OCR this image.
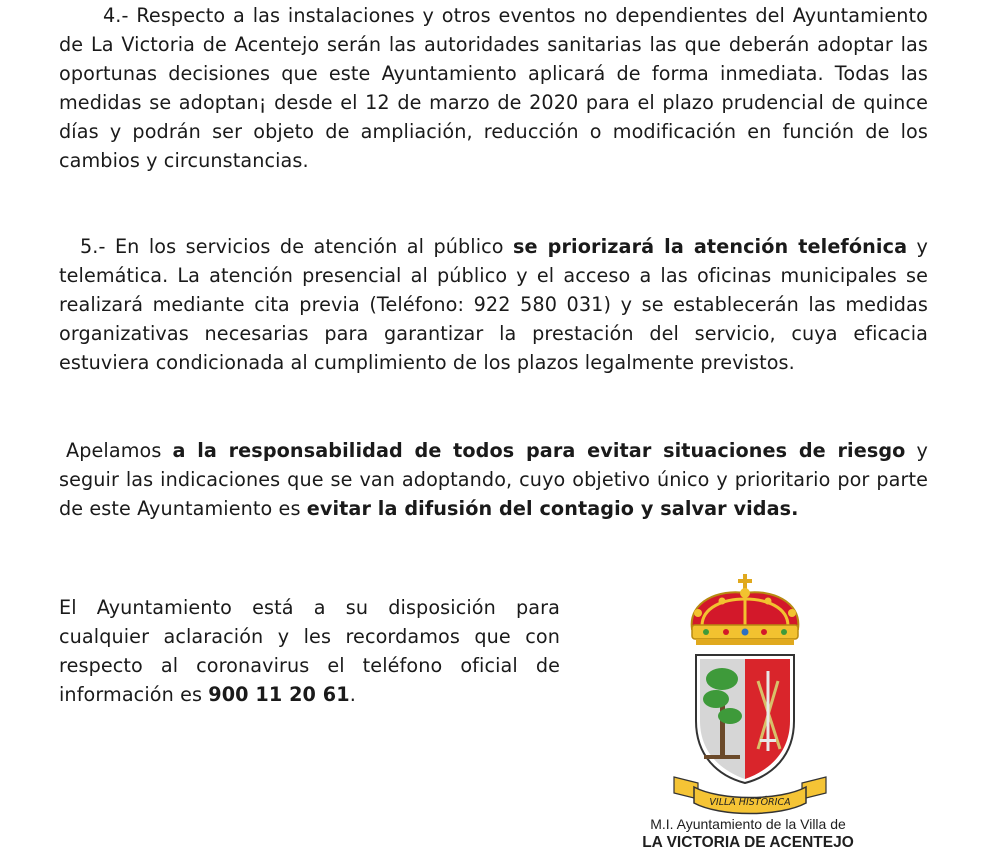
4.- Respecto a las instalaciones y otros eventos no dependientes del Ayuntamiento de La Victoria de Acentejo serán las autoridades sanitarias las que deberán adoptar las oportunas decisiones que este Ayuntamiento aplicará de forma inmediata. Todas las medidas se adoptan¡ desde el 12 de marzo de 2020 para el plazo prudencial de quince días y podrán ser objeto de ampliación, reducción o modificación en función de los cambios y circunstancias.

5.- En los servicios de atención al público se priorizará la atención telefónica y telemática. La atención presencial al público y el acceso a las oficinas municipales se realizará mediante cita previa (Teléfono: 922 580 031) y se establecerán las medidas organizativas necesarias para garantizar la prestación del servicio, cuya eficacia estuviera condicionada al cumplimiento de los plazos legalmente previstos.

Apelamos a la responsabilidad de todos para evitar situaciones de riesgo y seguir las indicaciones que se van adoptando, cuyo objetivo único y prioritario por parte de este Ayuntamiento es evitar la difusión del contagio y salvar vidas.

El Ayuntamiento está a su disposición para cualquier aclaración y les recordamos que con respecto al coronavirus el teléfono oficial de información es 900 11 20 61.

VILLA HISTÓRICA
M.I. Ayuntamiento de la Villa de
LA VICTORIA DE ACENTEJO
